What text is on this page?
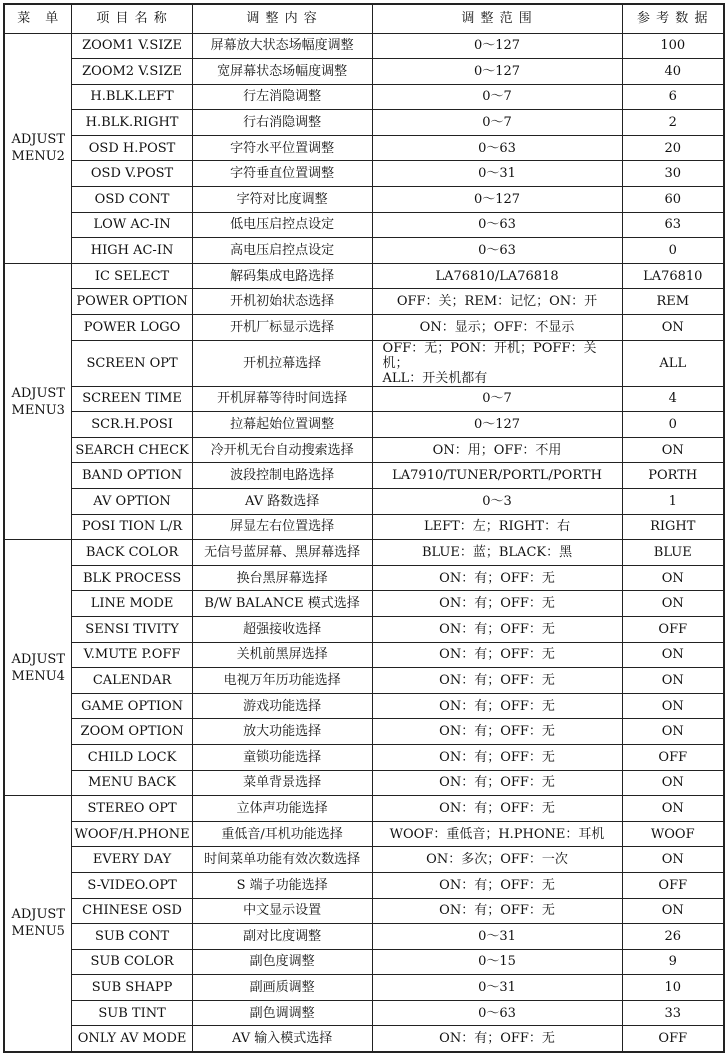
菜　单	项 目 名 称	调 整 内 容	调 整 范 围	参 考 数 据

ADJUST
MENU2	ZOOM1 V.SIZE	屏幕放大状态场幅度调整	0～127	100
	ZOOM2 V.SIZE	宽屏幕状态场幅度调整	0～127	40
	H.BLK.LEFT	行左消隐调整	0～7	6
	H.BLK.RIGHT	行右消隐调整	0～7	2
	OSD H.POST	字符水平位置调整	0～63	20
	OSD V.POST	字符垂直位置调整	0～31	30
	OSD CONT	字符对比度调整	0～127	60
	LOW AC-IN	低电压启控点设定	0～63	63
	HIGH AC-IN	高电压启控点设定	0～63	0

ADJUST
MENU3	IC SELECT	解码集成电路选择	LA76810/LA76818	LA76810
	POWER OPTION	开机初始状态选择	OFF：关；REM：记忆；ON：开	REM
	POWER LOGO	开机厂标显示选择	ON：显示；OFF：不显示	ON
	SCREEN OPT	开机拉幕选择	OFF：无；PON：开机；POFF：关机；
ALL：开关机都有	ALL
	SCREEN TIME	开机屏幕等待时间选择	0～7	4
	SCR.H.POSI	拉幕起始位置调整	0～127	0
	SEARCH CHECK	冷开机无台自动搜索选择	ON：用；OFF：不用	ON
	BAND OPTION	波段控制电路选择	LA7910/TUNER/PORTL/PORTH	PORTH
	AV OPTION	AV 路数选择	0～3	1
	POSI TION L/R	屏显左右位置选择	LEFT：左；RIGHT：右	RIGHT

ADJUST
MENU4	BACK COLOR	无信号蓝屏幕、黑屏幕选择	BLUE：蓝；BLACK：黑	BLUE
	BLK PROCESS	换台黑屏幕选择	ON：有；OFF：无	ON
	LINE MODE	B/W BALANCE 模式选择	ON：有；OFF：无	ON
	SENSI TIVITY	超强接收选择	ON：有；OFF：无	OFF
	V.MUTE P.OFF	关机前黑屏选择	ON：有；OFF：无	ON
	CALENDAR	电视万年历功能选择	ON：有；OFF：无	ON
	GAME OPTION	游戏功能选择	ON：有；OFF：无	ON
	ZOOM OPTION	放大功能选择	ON：有；OFF：无	ON
	CHILD LOCK	童锁功能选择	ON：有；OFF：无	OFF
	MENU BACK	菜单背景选择	ON：有；OFF：无	ON

ADJUST
MENU5	STEREO OPT	立体声功能选择	ON：有；OFF：无	ON
	WOOF/H.PHONE	重低音/耳机功能选择	WOOF：重低音；H.PHONE：耳机	WOOF
	EVERY DAY	时间菜单功能有效次数选择	ON：多次；OFF：一次	ON
	S-VIDEO.OPT	S 端子功能选择	ON：有；OFF：无	OFF
	CHINESE OSD	中文显示设置	ON：有；OFF：无	ON
	SUB CONT	副对比度调整	0～31	26
	SUB COLOR	副色度调整	0～15	9
	SUB SHAPP	副画质调整	0～31	10
	SUB TINT	副色调调整	0～63	33
	ONLY AV MODE	AV 输入模式选择	ON：有；OFF：无	OFF
